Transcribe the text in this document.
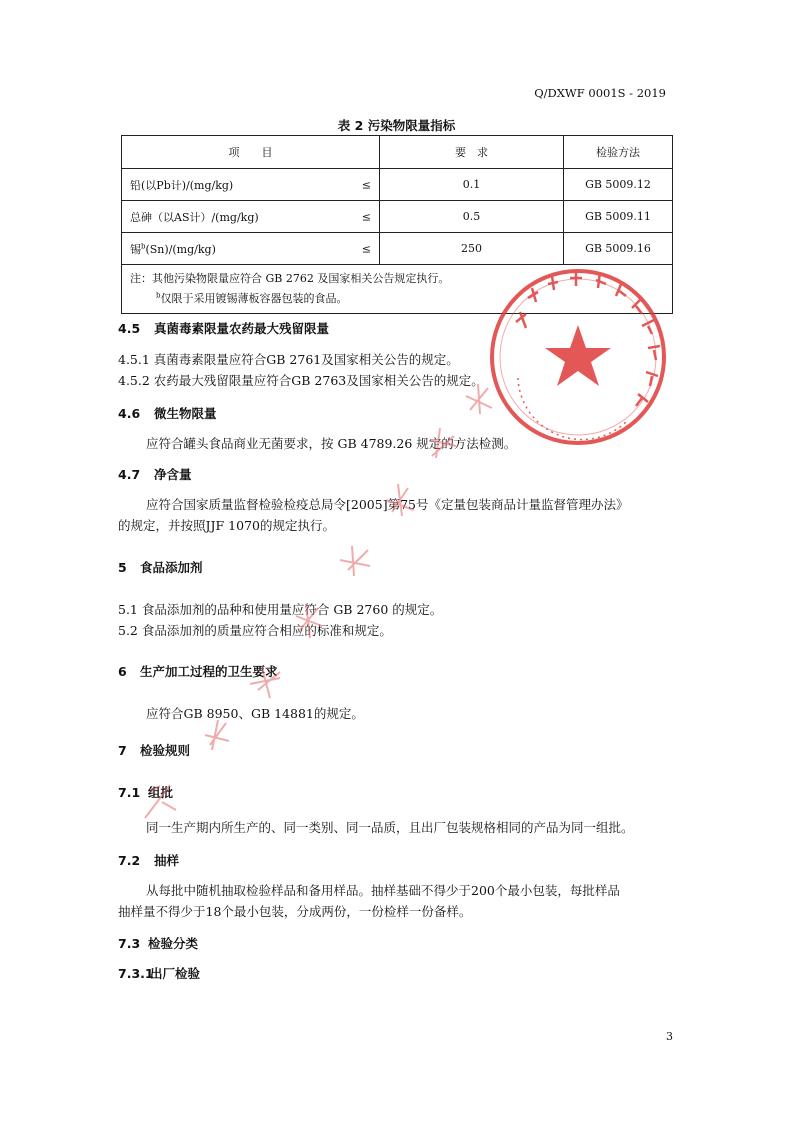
Q/DXWF 0001S - 2019
表 2 污染物限量指标
项　　目	要　求	检验方法
铅(以Pb计)/(mg/kg) ≤	0.1	GB 5009.12
总砷（以AS计）/(mg/kg) ≤	0.5	GB 5009.11
锡$^b$(Sn)/(mg/kg) ≤	250	GB 5009.16

注：其他污染物限量应符合 GB 2762 及国家相关公告规定执行。
$^b$仅限于采用镀锡薄板容器包装的食品。		
4.5 真菌毒素限量农药最大残留限量
4.5.1 真菌毒素限量应符合GB 2761及国家相关公告的规定。
4.5.2 农药最大残留限量应符合GB 2763及国家相关公告的规定。
4.6 微生物限量
应符合罐头食品商业无菌要求，按 GB 4789.26 规定的方法检测。
4.7 净含量
应符合国家质量监督检验检疫总局令[2005]第75号《定量包装商品计量监督管理办法》
的规定，并按照JJF 1070的规定执行。
5 食品添加剂
5.1 食品添加剂的品种和使用量应符合 GB 2760 的规定。
5.2 食品添加剂的质量应符合相应的标准和规定。
6 生产加工过程的卫生要求
应符合GB 8950、GB 14881的规定。
7 检验规则
7.1 组批
同一生产期内所生产的、同一类别、同一品质，且出厂包装规格相同的产品为同一组批。
7.2 抽样
从每批中随机抽取检验样品和备用样品。抽样基础不得少于200个最小包装，每批样品
抽样量不得少于18个最小包装，分成两份，一份检样一份备样。
7.3 检验分类
7.3.1出厂检验
3
